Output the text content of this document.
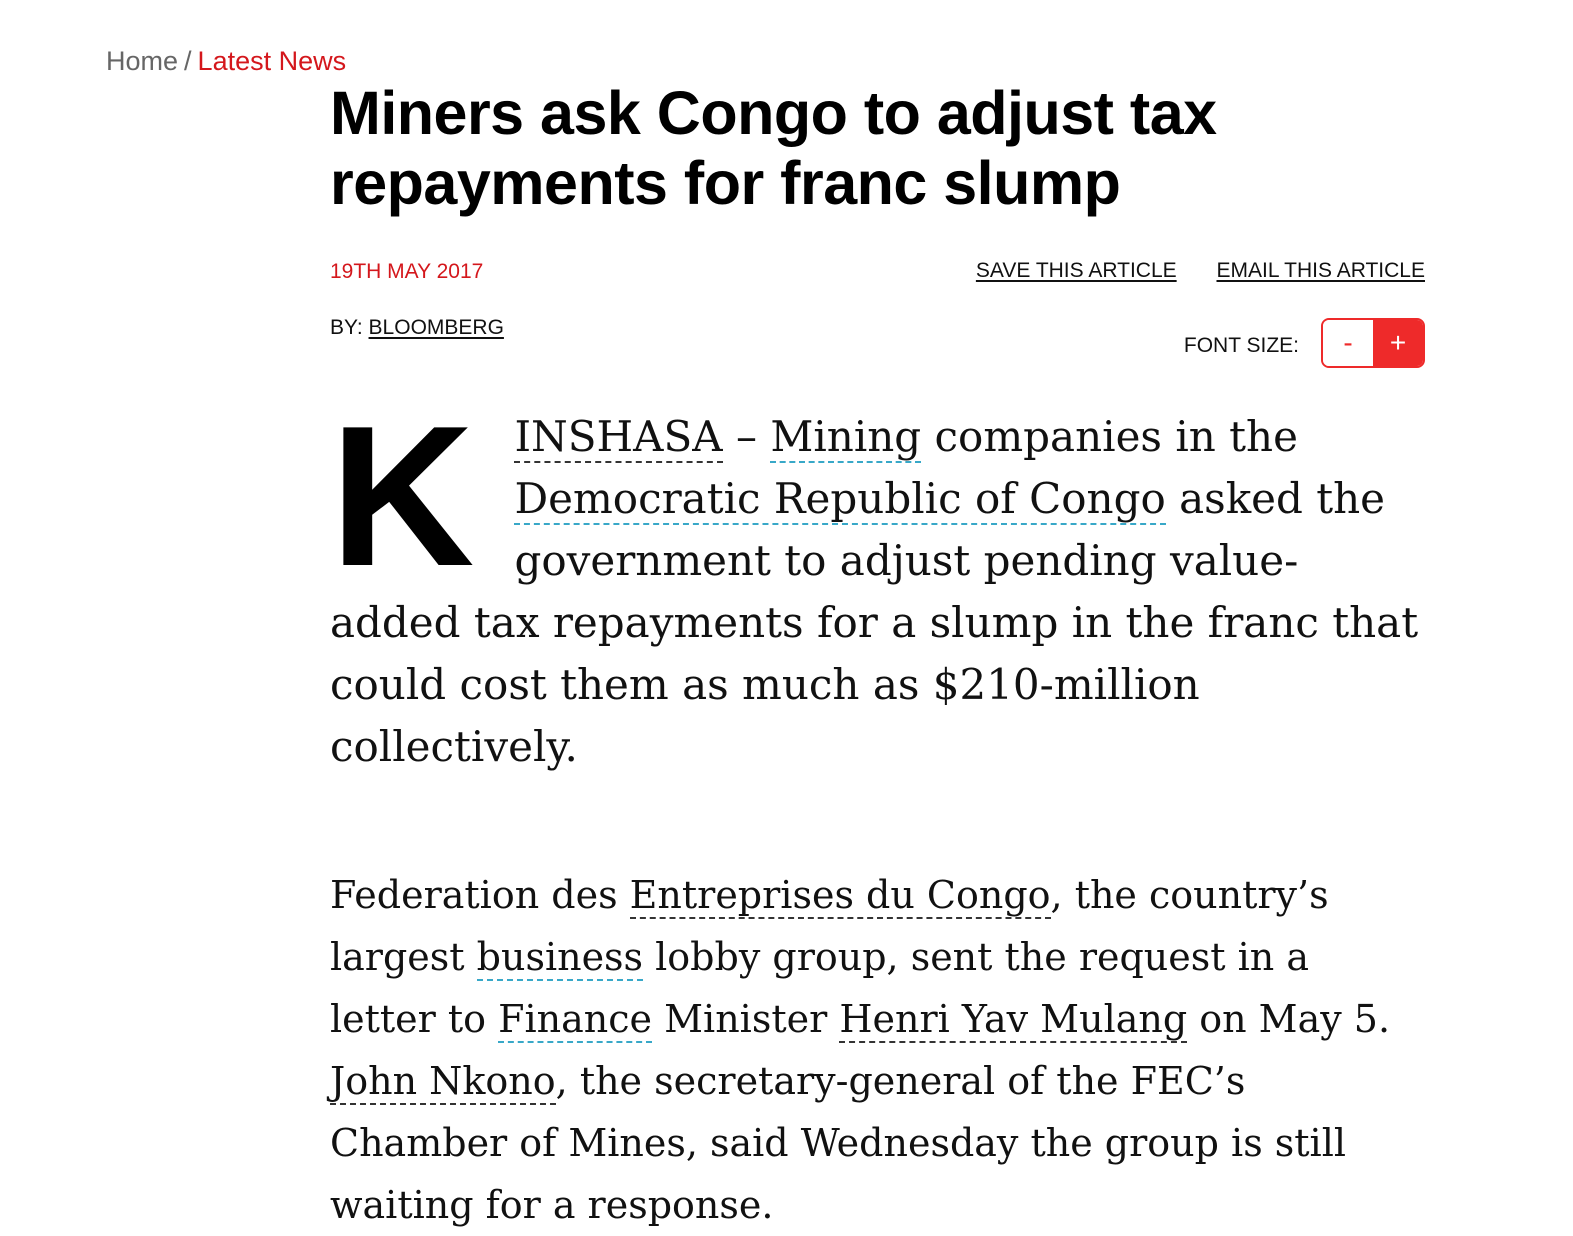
Home / Latest News
Miners ask Congo to adjust tax repayments for franc slump
19TH MAY 2017	SAVE THIS ARTICLE EMAIL THIS ARTICLE
BY: BLOOMBERG
FONT SIZE:	-	+

KINSHASA – Mining companies in the Democratic Republic of Congo asked the government to adjust pending value-added tax repayments for a slump in the franc that could cost them as much as $210-million collectively.

Federation des Entreprises du Congo, the country’s largest business lobby group, sent the request in a letter to Finance Minister Henri Yav Mulang on May 5. John Nkono, the secretary-general of the FEC’s Chamber of Mines, said Wednesday the group is still waiting for a response.
